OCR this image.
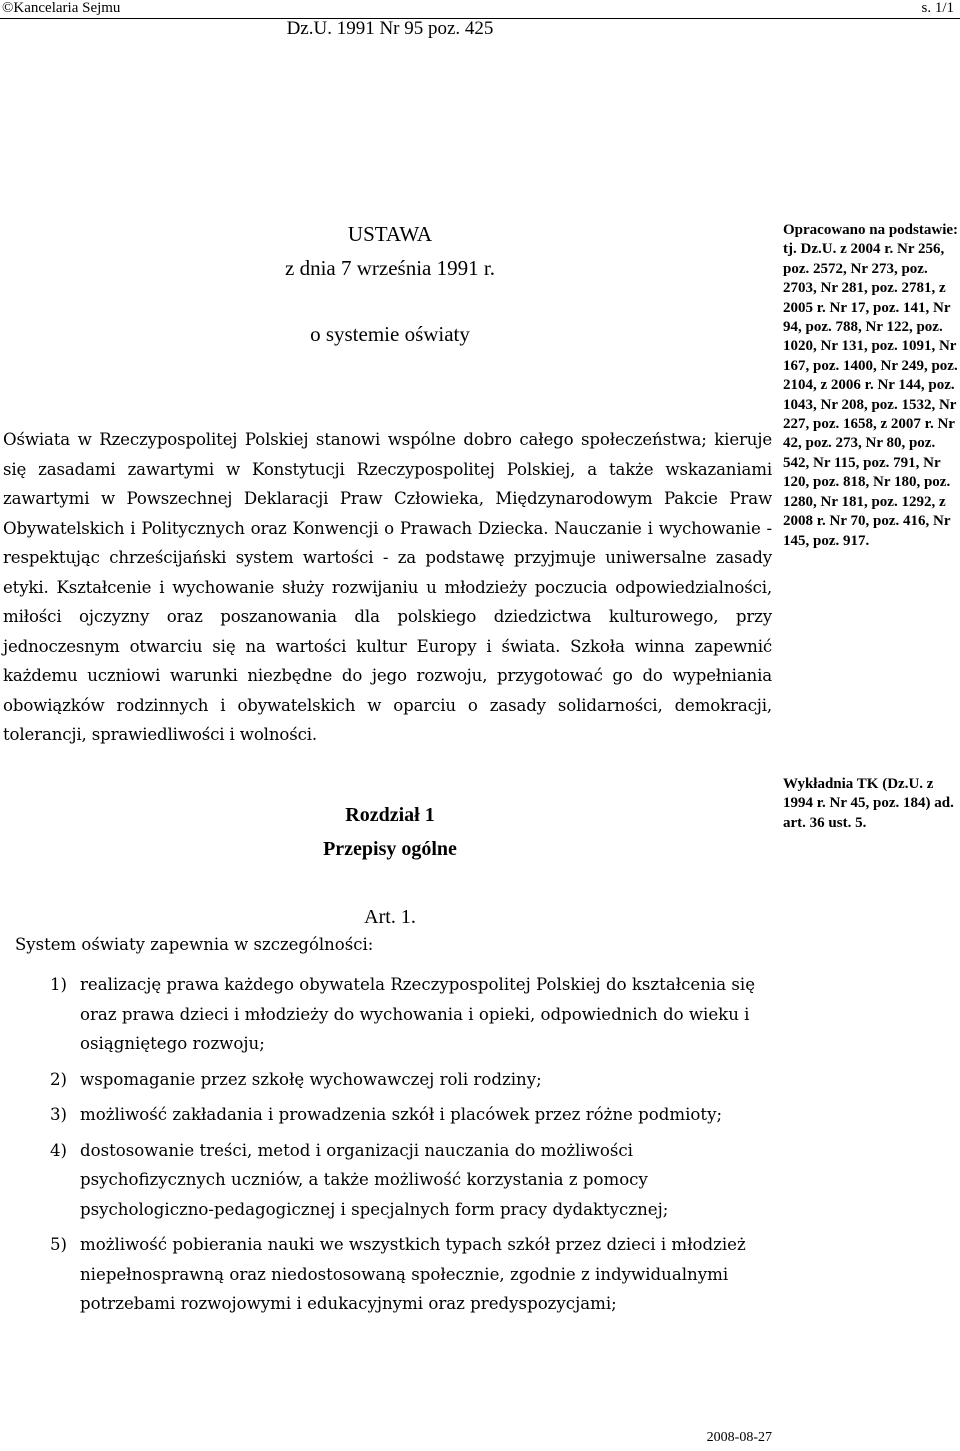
©Kancelaria Sejmu	s. 1/1
Dz.U. 1991 Nr 95 poz. 425
USTAWA
z dnia 7 września 1991 r.
o systemie oświaty
Oświata w Rzeczypospolitej Polskiej stanowi wspólne dobro całego społeczeństwa; kieruje się zasadami zawartymi w Konstytucji Rzeczypospolitej Polskiej, a także wskazaniami zawartymi w Powszechnej Deklaracji Praw Człowieka, Międzynarodowym Pakcie Praw Obywatelskich i Politycznych oraz Konwencji o Prawach Dziecka. Nauczanie i wychowanie - respektując chrześcijański system wartości - za podstawę przyjmuje uniwersalne zasady etyki. Kształcenie i wychowanie służy rozwijaniu u młodzieży poczucia odpowiedzialności, miłości ojczyzny oraz poszanowania dla polskiego dziedzictwa kulturowego, przy jednoczesnym otwarciu się na wartości kultur Europy i świata. Szkoła winna zapewnić każdemu uczniowi warunki niezbędne do jego rozwoju, przygotować go do wypełniania obowiązków rodzinnych i obywatelskich w oparciu o zasady solidarności, demokracji, tolerancji, sprawiedliwości i wolności.
Opracowano na podstawie: tj. Dz.U. z 2004 r. Nr 256, poz. 2572, Nr 273, poz. 2703, Nr 281, poz. 2781, z 2005 r. Nr 17, poz. 141, Nr 94, poz. 788, Nr 122, poz. 1020, Nr 131, poz. 1091, Nr 167, poz. 1400, Nr 249, poz. 2104, z 2006 r. Nr 144, poz. 1043, Nr 208, poz. 1532, Nr 227, poz. 1658, z 2007 r. Nr 42, poz. 273, Nr 80, poz. 542, Nr 115, poz. 791, Nr 120, poz. 818, Nr 180, poz. 1280, Nr 181, poz. 1292, z 2008 r. Nr 70, poz. 416, Nr 145, poz. 917.
Wykładnia TK (Dz.U. z 1994 r. Nr 45, poz. 184) ad. art. 36 ust. 5.
Rozdział 1
Przepisy ogólne
Art. 1.
System oświaty zapewnia w szczególności:
1) realizację prawa każdego obywatela Rzeczypospolitej Polskiej do kształcenia się oraz prawa dzieci i młodzieży do wychowania i opieki, odpowiednich do wieku i osiągniętego rozwoju;
2) wspomaganie przez szkołę wychowawczej roli rodziny;
3) możliwość zakładania i prowadzenia szkół i placówek przez różne podmioty;
4) dostosowanie treści, metod i organizacji nauczania do możliwości psychofizycznych uczniów, a także możliwość korzystania z pomocy psychologiczno-pedagogicznej i specjalnych form pracy dydaktycznej;
5) możliwość pobierania nauki we wszystkich typach szkół przez dzieci i młodzież niepełnosprawną oraz niedostosowaną społecznie, zgodnie z indywidualnymi potrzebami rozwojowymi i edukacyjnymi oraz predyspozycjami;
2008-08-27
